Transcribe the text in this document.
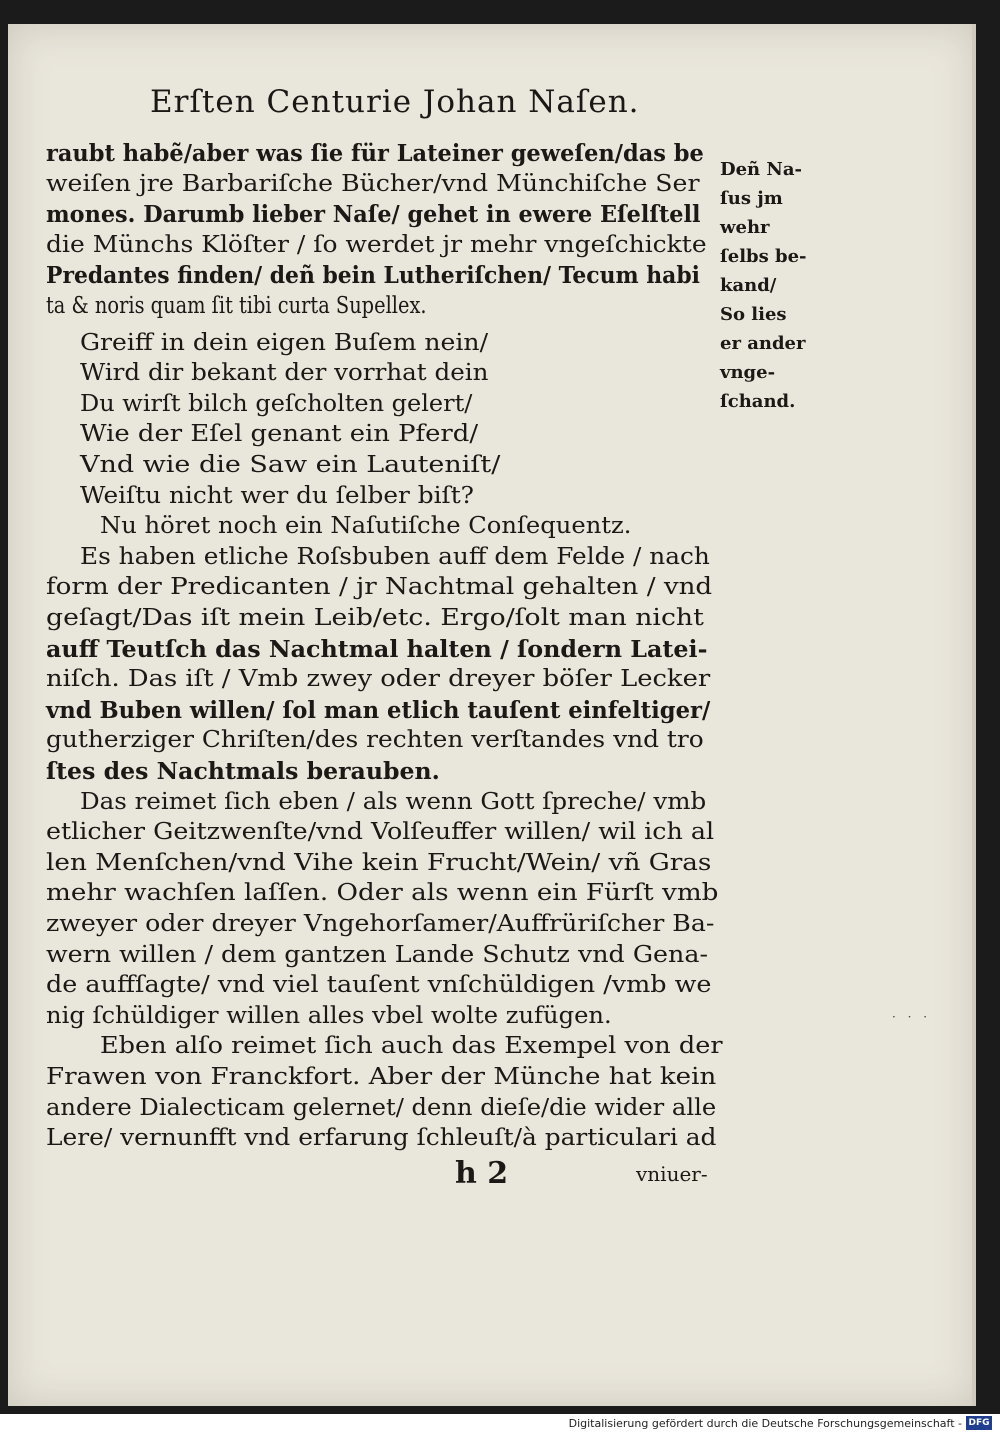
Erſten Centurie Johan Naſen.
raubt habẽ/aber was ſie für Lateiner geweſen/das be
weiſen jre Barbariſche Bücher/vnd Münchiſche Ser
mones. Darumb lieber Naſe/ gehet in ewere Eſelſtell
die Münchs Klöſter / ſo werdet jr mehr vngeſchickte
Predantes finden/ deñ bein Lutheriſchen/ Tecum habi
ta & noris quam ſit tibi curta Supellex.
Greiff in dein eigen Buſem nein/
Wird dir bekant der vorrhat dein
Du wirſt bilch geſcholten gelert/
Wie der Eſel genant ein Pferd/
Vnd wie die Saw ein Lauteniſt/
Weiſtu nicht wer du ſelber biſt?
Nu höret noch ein Naſutiſche Conſequentz.
Es haben etliche Roſsbuben auff dem Felde / nach
form der Predicanten / jr Nachtmal gehalten / vnd
geſagt/Das iſt mein Leib/etc. Ergo/ſolt man nicht
auff Teutſch das Nachtmal halten / ſondern Latei-
niſch. Das iſt / Vmb zwey oder dreyer böſer Lecker
vnd Buben willen/ ſol man etlich tauſent einfeltiger/
gutherziger Chriſten/des rechten verſtandes vnd tro
ſtes des Nachtmals berauben.
Das reimet ſich eben / als wenn Gott ſpreche/ vmb
etlicher Geitzwenſte/vnd Volſeuffer willen/ wil ich al
len Menſchen/vnd Vihe kein Frucht/Wein/ vñ Gras
mehr wachſen laſſen. Oder als wenn ein Fürſt vmb
zweyer oder dreyer Vngehorſamer/Auffrüriſcher Ba-
wern willen / dem gantzen Lande Schutz vnd Gena-
de auffſagte/ vnd viel tauſent vnſchüldigen /vmb we
nig ſchüldiger willen alles vbel wolte zufügen.
Eben alſo reimet ſich auch das Exempel von der
Frawen von Franckfort. Aber der Münche hat kein
andere Dialecticam gelernet/ denn dieſe/die wider alle
Lere/ vernunfft vnd erfarung ſchleuſt/à particulari ad
Deñ Na-
ſus jm
wehr
ſelbs be-
kand/
So lies
er ander
vnge-
ſchand.
h 2	vniuer-
· · ·
Digitalisierung gefördert durch die Deutsche Forschungsgemeinschaft - DFG
